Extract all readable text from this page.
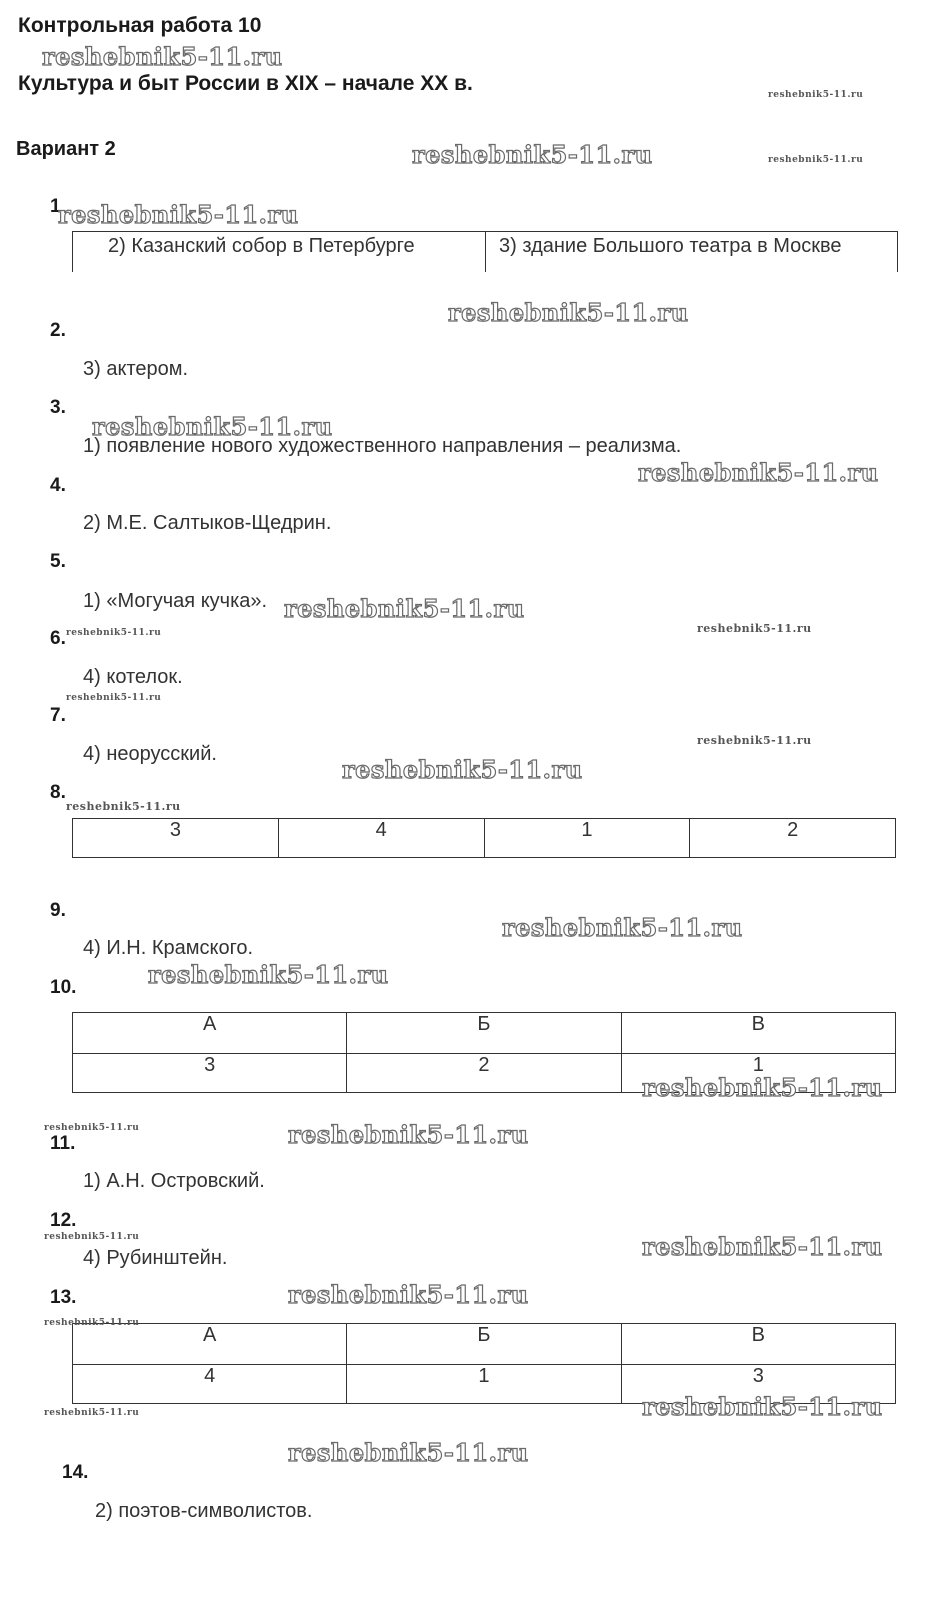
Контрольная работа 10
Культура и быт России в XIX – начале XX в.
Вариант 2
1
2) Казанский собор в Петербурге	3) здание Большого театра в Москве
2.
3) актером.
3.
1) появление нового художественного направления – реализма.
4.
2) М.Е. Салтыков-Щедрин.
5.
1) «Могучая кучка».
6.
4) котелок.
7.
4) неорусский.
8.
3	4	1	2
9.
4) И.Н. Крамского.
10.
А	Б	В
3	2	1
11.
1) А.Н. Островский.
12.
4) Рубинштейн.
13.
А	Б	В
4	1	3
14.
2) поэтов-символистов.
reshebnik5-11.ru
reshebnik5-11.ru
reshebnik5-11.ru	reshebnik5-11.ru
reshebnik5-11.ru
reshebnik5-11.ru
reshebnik5-11.ru
reshebnik5-11.ru
reshebnik5-11.ru
reshebnik5-11.ru
reshebnik5-11.ru
reshebnik5-11.ru
reshebnik5-11.ru
reshebnik5-11.ru
reshebnik5-11.ru
reshebnik5-11.ru
reshebnik5-11.ru
reshebnik5-11.ru
reshebnik5-11.ru	reshebnik5-11.ru
reshebnik5-11.ru	reshebnik5-11.ru
reshebnik5-11.ru
reshebnik5-11.ru
reshebnik5-11.ru
reshebnik5-11.ru
reshebnik5-11.ru
